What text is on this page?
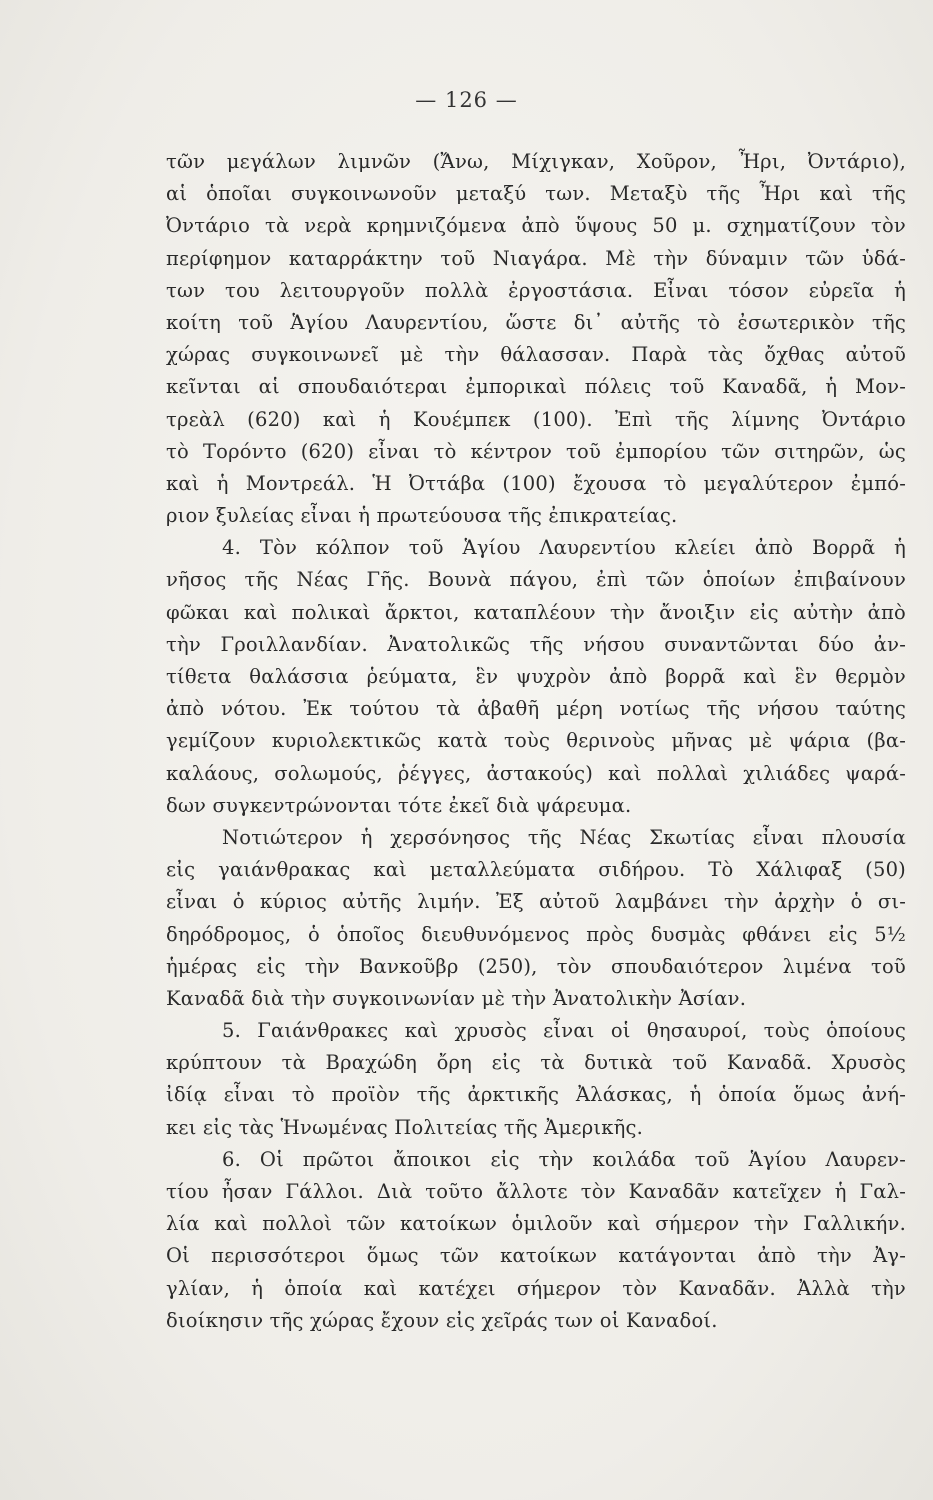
— 126 —
τῶν μεγάλων λιμνῶν (Ἄνω, Μίχιγκαν, Χοῦρον, Ἦρι, Ὀντάριο),
αἱ ὁποῖαι συγκοινωνοῦν μεταξύ των. Μεταξὺ τῆς Ἦρι καὶ τῆς
Ὀντάριο τὰ νερὰ κρημνιζόμενα ἀπὸ ὕψους 50 μ. σχηματίζουν τὸν
περίφημον καταρράκτην τοῦ Νιαγάρα. Μὲ τὴν δύναμιν τῶν ὑδά-
των του λειτουργοῦν πολλὰ ἐργοστάσια. Εἶναι τόσον εὐρεῖα ἡ
κοίτη τοῦ Ἁγίου Λαυρεντίου, ὥστε δι᾽ αὐτῆς τὸ ἐσωτερικὸν τῆς
χώρας συγκοινωνεῖ μὲ τὴν θάλασσαν. Παρὰ τὰς ὄχθας αὐτοῦ
κεῖνται αἱ σπουδαιότεραι ἐμπορικαὶ πόλεις τοῦ Καναδᾶ, ἡ Μον-
τρεὰλ (620) καὶ ἡ Κουέμπεκ (100). Ἐπὶ τῆς λίμνης Ὀντάριο
τὸ Τορόντο (620) εἶναι τὸ κέντρον τοῦ ἐμπορίου τῶν σιτηρῶν, ὡς
καὶ ἡ Μοντρεάλ. Ἡ Ὀττάβα (100) ἔχουσα τὸ μεγαλύτερον ἐμπό-
ριον ξυλείας εἶναι ἡ πρωτεύουσα τῆς ἐπικρατείας.
4. Τὸν κόλπον τοῦ Ἁγίου Λαυρεντίου κλείει ἀπὸ Βορρᾶ ἡ
νῆσος τῆς Νέας Γῆς. Βουνὰ πάγου, ἐπὶ τῶν ὁποίων ἐπιβαίνουν
φῶκαι καὶ πολικαὶ ἄρκτοι, καταπλέουν τὴν ἄνοιξιν εἰς αὐτὴν ἀπὸ
τὴν Γροιλλανδίαν. Ἀνατολικῶς τῆς νήσου συναντῶνται δύο ἀν-
τίθετα θαλάσσια ῥεύματα, ἓν ψυχρὸν ἀπὸ βορρᾶ καὶ ἓν θερμὸν
ἀπὸ νότου. Ἐκ τούτου τὰ ἀβαθῆ μέρη νοτίως τῆς νήσου ταύτης
γεμίζουν κυριολεκτικῶς κατὰ τοὺς θερινοὺς μῆνας μὲ ψάρια (βα-
καλάους, σολωμούς, ῥέγγες, ἀστακούς) καὶ πολλαὶ χιλιάδες ψαρά-
δων συγκεντρώνονται τότε ἐκεῖ διὰ ψάρευμα.
Νοτιώτερον ἡ χερσόνησος τῆς Νέας Σκωτίας εἶναι πλουσία
εἰς γαιάνθρακας καὶ μεταλλεύματα σιδήρου. Τὸ Χάλιφαξ (50)
εἶναι ὁ κύριος αὐτῆς λιμήν. Ἐξ αὐτοῦ λαμβάνει τὴν ἀρχὴν ὁ σι-
δηρόδρομος, ὁ ὁποῖος διευθυνόμενος πρὸς δυσμὰς φθάνει εἰς 5½
ἡμέρας εἰς τὴν Βανκοῦβρ (250), τὸν σπουδαιότερον λιμένα τοῦ
Καναδᾶ διὰ τὴν συγκοινωνίαν μὲ τὴν Ἀνατολικὴν Ἀσίαν.
5. Γαιάνθρακες καὶ χρυσὸς εἶναι οἱ θησαυροί, τοὺς ὁποίους
κρύπτουν τὰ Βραχώδη ὄρη εἰς τὰ δυτικὰ τοῦ Καναδᾶ. Χρυσὸς
ἰδίᾳ εἶναι τὸ προϊὸν τῆς ἀρκτικῆς Ἀλάσκας, ἡ ὁποία ὅμως ἀνή-
κει εἰς τὰς Ἡνωμένας Πολιτείας τῆς Ἀμερικῆς.
6. Οἱ πρῶτοι ἄποικοι εἰς τὴν κοιλάδα τοῦ Ἁγίου Λαυρεν-
τίου ἦσαν Γάλλοι. Διὰ τοῦτο ἄλλοτε τὸν Καναδᾶν κατεῖχεν ἡ Γαλ-
λία καὶ πολλοὶ τῶν κατοίκων ὁμιλοῦν καὶ σήμερον τὴν Γαλλικήν.
Οἱ περισσότεροι ὅμως τῶν κατοίκων κατάγονται ἀπὸ τὴν Ἀγ-
γλίαν, ἡ ὁποία καὶ κατέχει σήμερον τὸν Καναδᾶν. Ἀλλὰ τὴν
διοίκησιν τῆς χώρας ἔχουν εἰς χεῖράς των οἱ Καναδοί.
